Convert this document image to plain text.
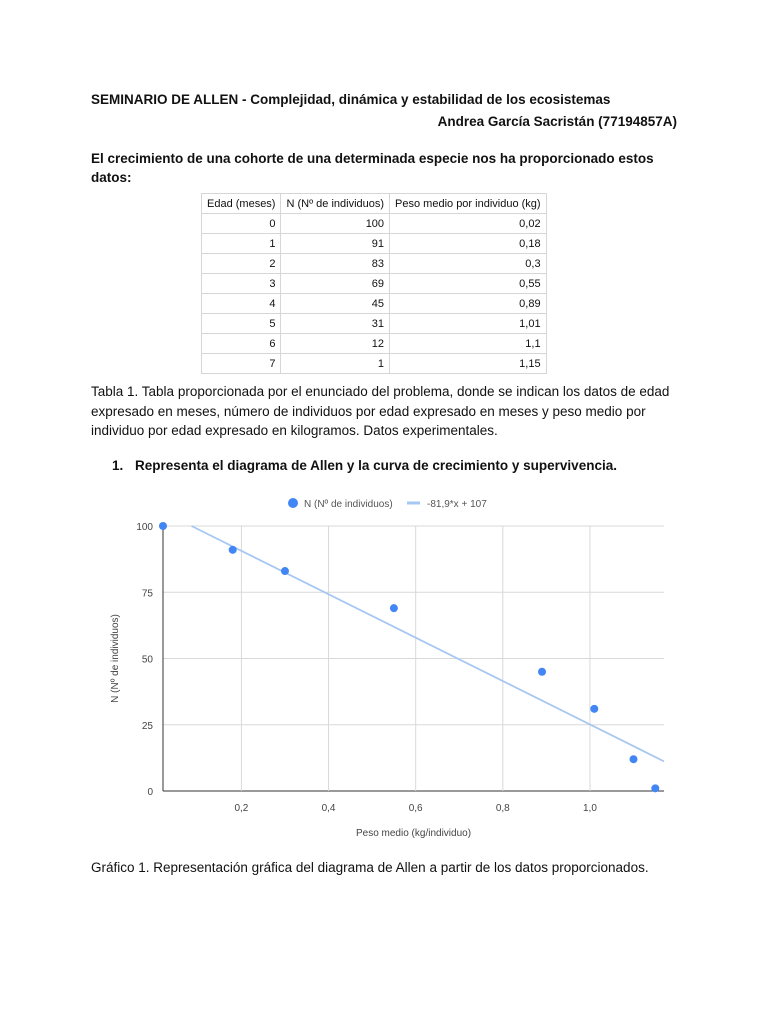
SEMINARIO DE ALLEN - Complejidad, dinámica y estabilidad de los ecosistemas
Andrea García Sacristán (77194857A)
El crecimiento de una cohorte de una determinada especie nos ha proporcionado estos datos:
Edad (meses)	N (Nº de individuos)	Peso medio por individuo (kg)
0	100	0,02
1	91	0,18
2	83	0,3
3	69	0,55
4	45	0,89
5	31	1,01
6	12	1,1
7	1	1,15
Tabla 1. Tabla proporcionada por el enunciado del problema, donde se indican los datos de edad expresado en meses, número de individuos por edad expresado en meses y peso medio por individuo por edad expresado en kilogramos. Datos experimentales.
1. Representa el diagrama de Allen y la curva de crecimiento y supervivencia.
0
25
50
75
100
0,2	0,4	0,6	0,8	1,0
N (Nº de individuos)	-81,9*x + 107
Peso medio (kg/individuo)
N (Nº de individuos)
Gráfico 1. Representación gráfica del diagrama de Allen a partir de los datos proporcionados.
